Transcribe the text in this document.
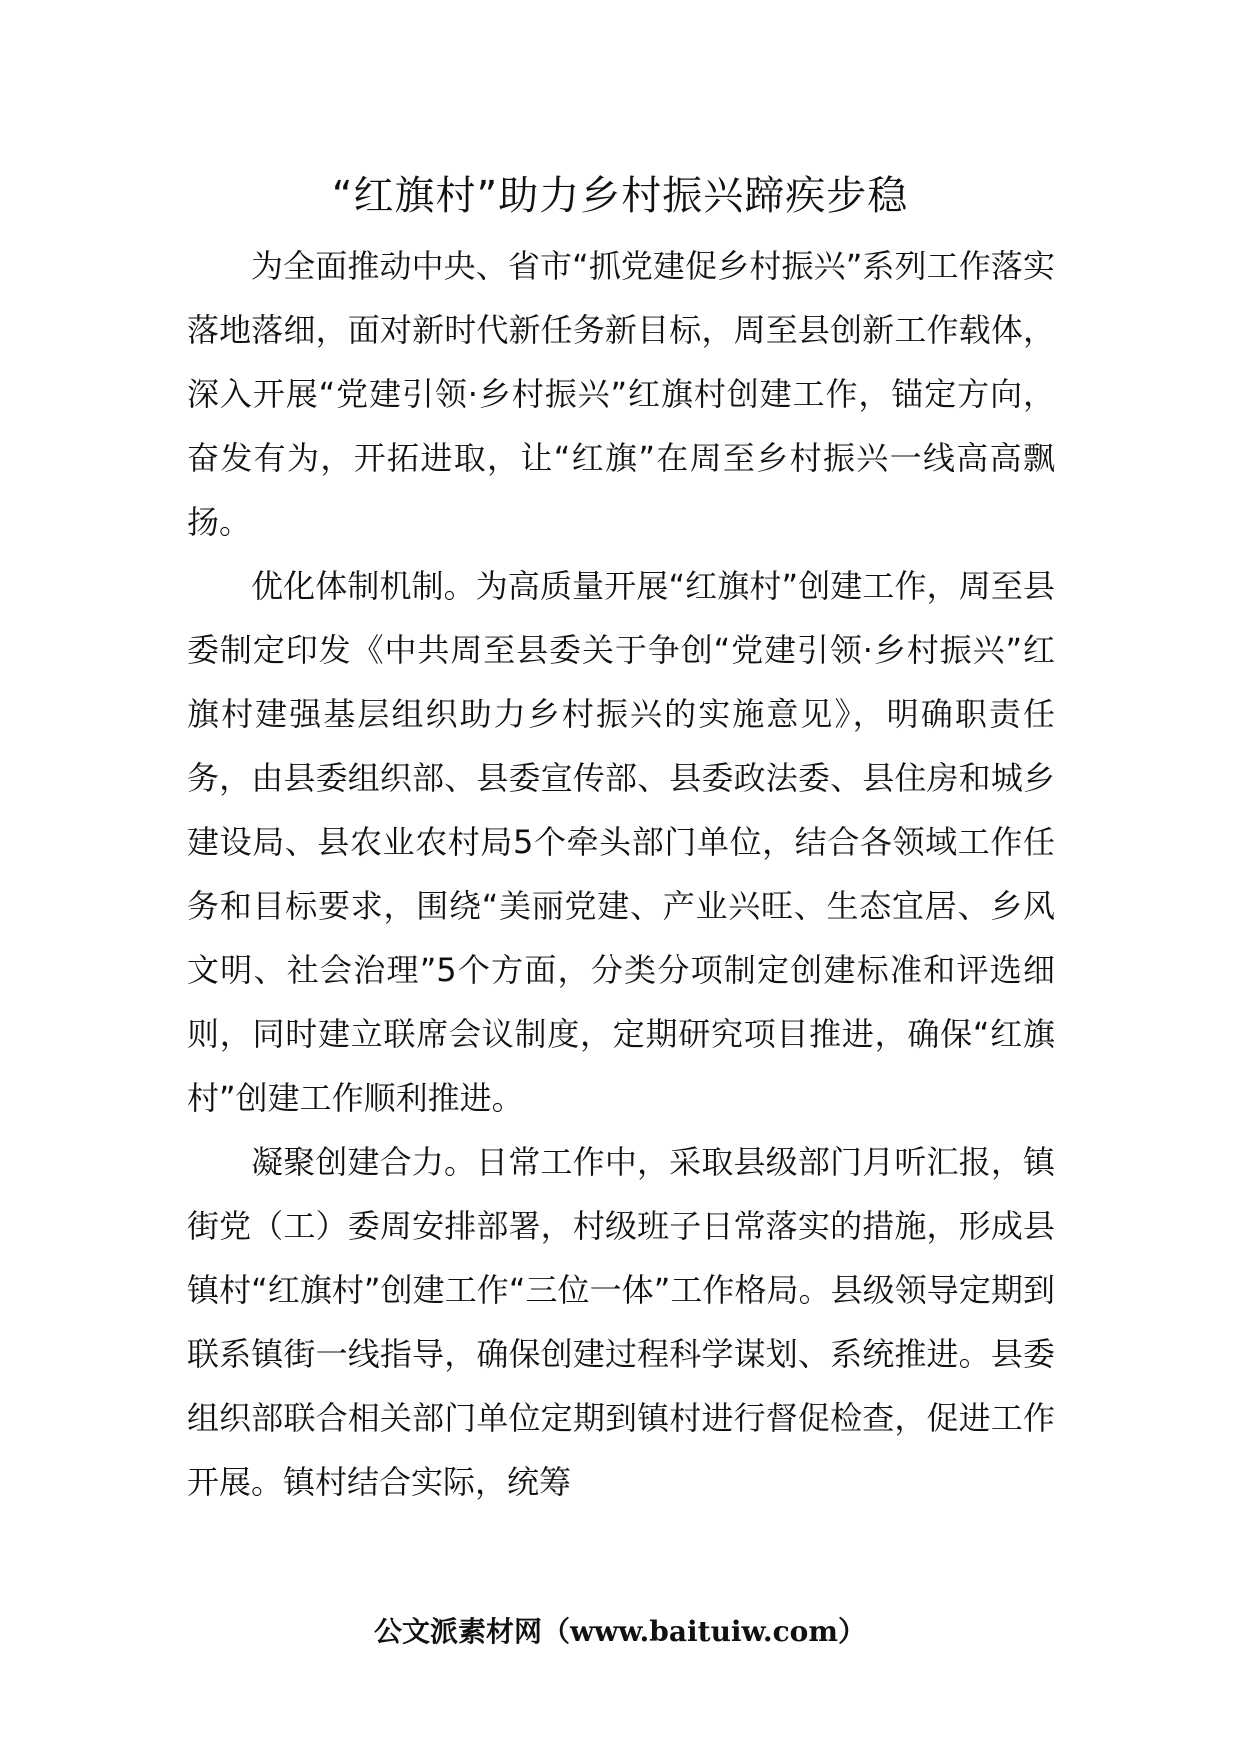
“红旗村”助力乡村振兴蹄疾步稳

为全面推动中央、省市“抓党建促乡村振兴”系列工作落实落地落细，面对新时代新任务新目标，周至县创新工作载体，深入开展“党建引领·乡村振兴”红旗村创建工作，锚定方向，奋发有为，开拓进取，让“红旗”在周至乡村振兴一线高高飘扬。

优化体制机制。为高质量开展“红旗村”创建工作，周至县委制定印发《中共周至县委关于争创“党建引领·乡村振兴”红旗村建强基层组织助力乡村振兴的实施意见》，明确职责任务，由县委组织部、县委宣传部、县委政法委、县住房和城乡建设局、县农业农村局5个牵头部门单位，结合各领域工作任务和目标要求，围绕“美丽党建、产业兴旺、生态宜居、乡风文明、社会治理”5个方面，分类分项制定创建标准和评选细则，同时建立联席会议制度，定期研究项目推进，确保“红旗村”创建工作顺利推进。

凝聚创建合力。日常工作中，采取县级部门月听汇报，镇街党（工）委周安排部署，村级班子日常落实的措施，形成县镇村“红旗村”创建工作“三位一体”工作格局。县级领导定期到联系镇街一线指导，确保创建过程科学谋划、系统推进。县委组织部联合相关部门单位定期到镇村进行督促检查，促进工作开展。镇村结合实际，统筹

公文派素材网（www.baituiw.com）
